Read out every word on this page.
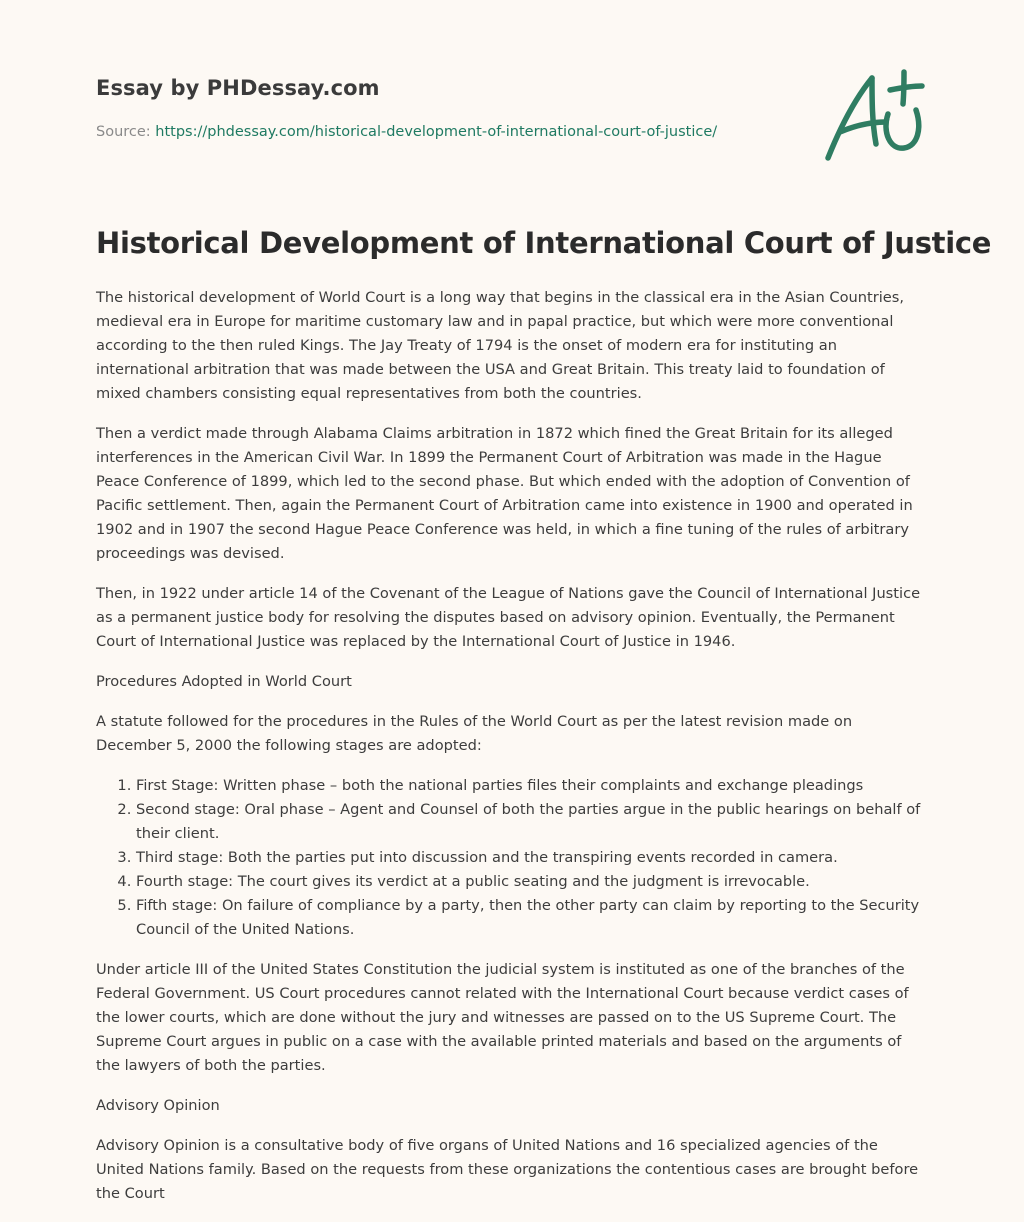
Essay by PHDessay.com
Source: https://phdessay.com/historical-development-of-international-court-of-justice/
Historical Development of International Court of Justice

The historical development of World Court is a long way that begins in the classical era in the Asian Countries, medieval era in Europe for maritime customary law and in papal practice, but which were more conventional according to the then ruled Kings. The Jay Treaty of 1794 is the onset of modern era for instituting an international arbitration that was made between the USA and Great Britain. This treaty laid to foundation of mixed chambers consisting equal representatives from both the countries.

Then a verdict made through Alabama Claims arbitration in 1872 which fined the Great Britain for its alleged interferences in the American Civil War. In 1899 the Permanent Court of Arbitration was made in the Hague Peace Conference of 1899, which led to the second phase. But which ended with the adoption of Convention of Pacific settlement. Then, again the Permanent Court of Arbitration came into existence in 1900 and operated in 1902 and in 1907 the second Hague Peace Conference was held, in which a fine tuning of the rules of arbitrary proceedings was devised.

Then, in 1922 under article 14 of the Covenant of the League of Nations gave the Council of International Justice as a permanent justice body for resolving the disputes based on advisory opinion. Eventually, the Permanent Court of International Justice was replaced by the International Court of Justice in 1946.

Procedures Adopted in World Court

A statute followed for the procedures in the Rules of the World Court as per the latest revision made on December 5, 2000 the following stages are adopted:

1. First Stage: Written phase – both the national parties files their complaints and exchange pleadings
2. Second stage: Oral phase – Agent and Counsel of both the parties argue in the public hearings on behalf of their client.
3. Third stage: Both the parties put into discussion and the transpiring events recorded in camera.
4. Fourth stage: The court gives its verdict at a public seating and the judgment is irrevocable.
5. Fifth stage: On failure of compliance by a party, then the other party can claim by reporting to the Security Council of the United Nations.

Under article III of the United States Constitution the judicial system is instituted as one of the branches of the Federal Government. US Court procedures cannot related with the International Court because verdict cases of the lower courts, which are done without the jury and witnesses are passed on to the US Supreme Court. The Supreme Court argues in public on a case with the available printed materials and based on the arguments of the lawyers of both the parties.

Advisory Opinion

Advisory Opinion is a consultative body of five organs of United Nations and 16 specialized agencies of the United Nations family. Based on the requests from these organizations the contentious cases are brought before the Court
